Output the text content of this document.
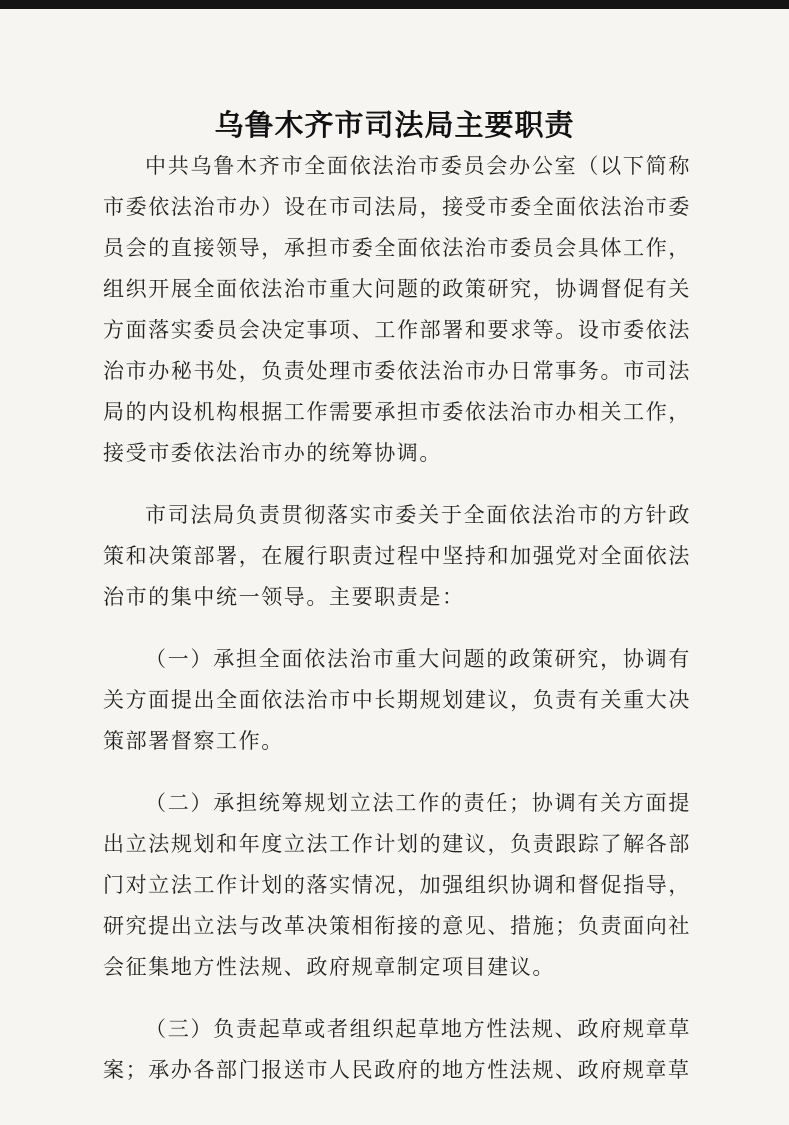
乌鲁木齐市司法局主要职责

中共乌鲁木齐市全面依法治市委员会办公室（以下简称市委依法治市办）设在市司法局，接受市委全面依法治市委员会的直接领导，承担市委全面依法治市委员会具体工作，组织开展全面依法治市重大问题的政策研究，协调督促有关方面落实委员会决定事项、工作部署和要求等。设市委依法治市办秘书处，负责处理市委依法治市办日常事务。市司法局的内设机构根据工作需要承担市委依法治市办相关工作，接受市委依法治市办的统筹协调。

市司法局负责贯彻落实市委关于全面依法治市的方针政策和决策部署，在履行职责过程中坚持和加强党对全面依法治市的集中统一领导。主要职责是：

（一）承担全面依法治市重大问题的政策研究，协调有关方面提出全面依法治市中长期规划建议，负责有关重大决策部署督察工作。

（二）承担统筹规划立法工作的责任；协调有关方面提出立法规划和年度立法工作计划的建议，负责跟踪了解各部门对立法工作计划的落实情况，加强组织协调和督促指导，研究提出立法与改革决策相衔接的意见、措施；负责面向社会征集地方性法规、政府规章制定项目建议。

（三）负责起草或者组织起草地方性法规、政府规章草案；承办各部门报送市人民政府的地方性法规、政府规章草
